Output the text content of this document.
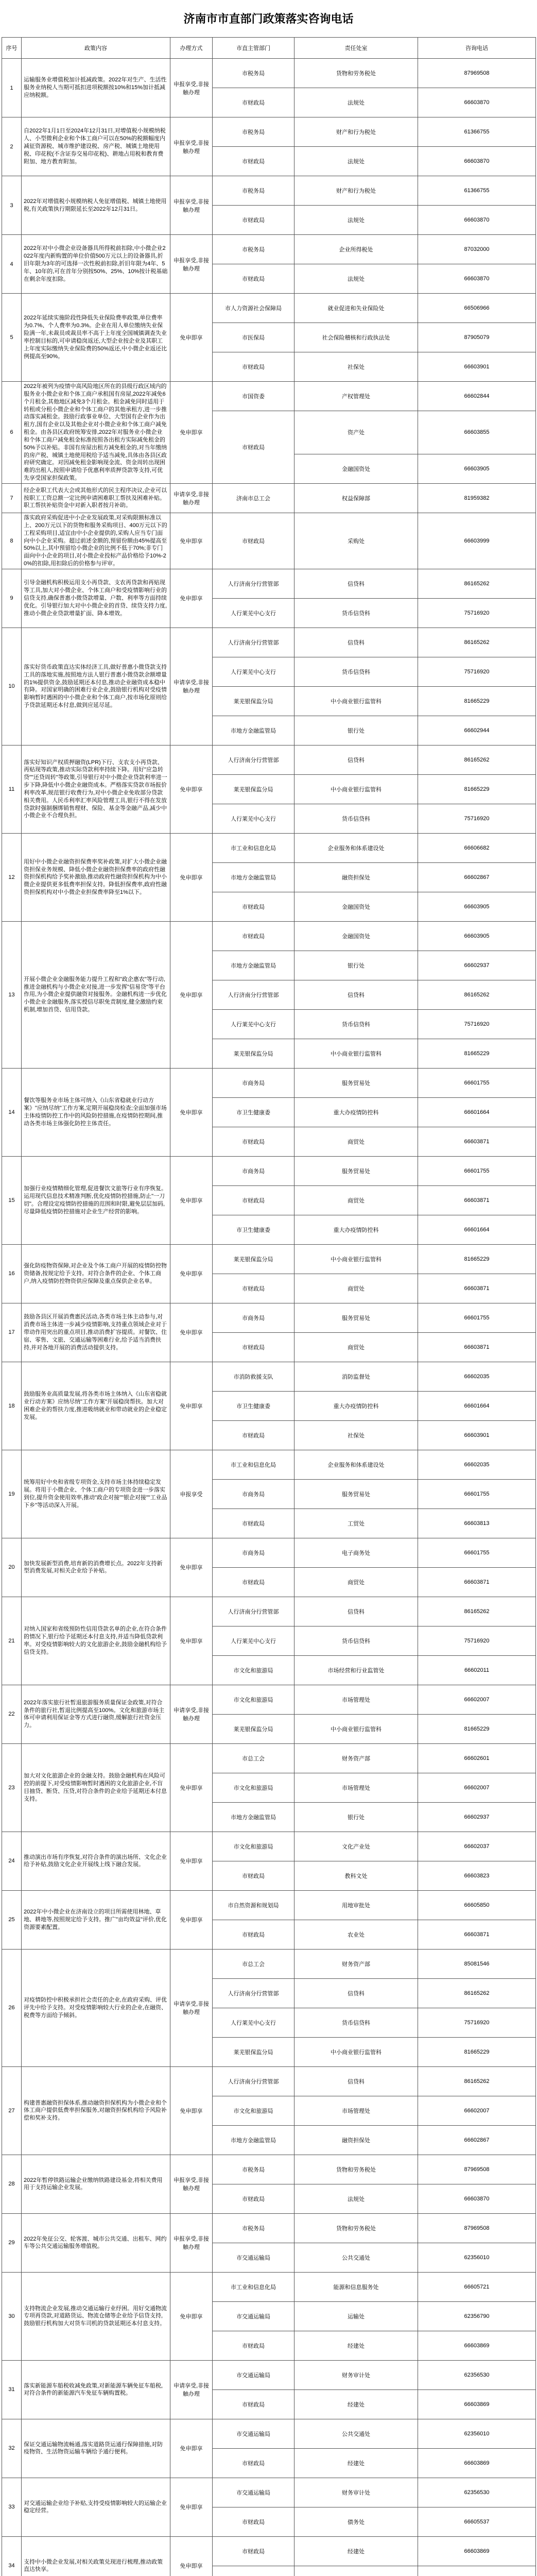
济南市市直部门政策落实咨询电话
序号	政策内容	办理方式	市直主管部门	责任处室	咨询电话
1	运输服务业增值税加计抵减政策。2022年对生产、生活性服务业纳税人当期可抵扣进项税额按10%和15%加计抵减应纳税额。	申报享受,非接触办理	市税务局	货物和劳务税处	87969508
			市财政局	法规处	66603870
2	自2022年1月1日至2024年12月31日,对增值税小规模纳税人、小型微利企业和个体工商户可以在50%的税额幅度内减征资源税、城市维护建设税、房产税、城镇土地使用税、印花税(不含证券交易印花税)、耕地占用税和教育费附加、地方教育附加。	申报享受,非接触办理	市税务局	财产和行为税处	61366755
			市财政局	法规处	66603870
3	2022年对增值税小规模纳税人免征增值税、城镇土地使用税,有关政策执行期限延长至2022年12月31日。	申报享受,非接触办理	市税务局	财产和行为税处	61366755
			市财政局	法规处	66603870
4	2022年对中小微企业设备器具所得税前扣除,中小微企业2022年度内新购置的单位价值500万元以上的设备器具,折旧年限为3年的可选择一次性税前扣除,折旧年限为4年、5年、10年的,可在首年分别按50%、25%、10%按计税基础在剩余年度扣除。	申报享受,非接触办理	市税务局	企业所得税处	87032000
			市财政局	法规处	66603870
5	2022年延续实施阶段性降低失业保险费率政策,单位费率为0.7%、个人费率为0.3%。企业在用人单位缴纳失业保险满一年,未裁员或裁员率不高于上年度全国城镇调查失业率控制目标的,可申请稳岗返还,大型企业按企业及其职工上年度实际缴纳失业保险费的50%返还,中小微企业返还比例提高至90%。	免申即享	市人力资源社会保障局	就业促进和失业保险处	66506966
			市医保局	社会保险稽核和行政执法处	87905079
			市财政局	社保处	66603901
6	2022年被列为疫情中高风险地区所在的县级行政区域内的服务业小微企业和个体工商户承租国有房屋,2022年减免6个月租金,其他地区减免3个月租金。租金减免同时适用于转租或分租小微企业和个体工商户的其他承租方,进一步推动落实减租金。鼓励行政事业单位、大型国有企业作为出租方,国有企业以及其他企业对小微企业和个体工商户减免租金。由各县区政府统筹安排,2022年对服务业小微企业和个体工商户减免租金标准按照各出租方实际减免租金的50%予以补贴。非国有房屋出租方减免租金的,对当年缴纳的房产税、城镇土地使用税给予适当减免,具体由各县区政府研究确定。对因减免租金影响现金流、资金周转出现困难的出租人,按照申请给予优惠利率质押贷款等支持,可优先享受国家担保政策。	免申即享	市国资委	产权管理处	66602844
			市财政局	资产处	66603855
				金融国资处	66603905
7	经企业职工代表大会或其他形式的民主程序决议,企业可以按职工工资总额一定比例申请困难职工帮扶及困难补贴。职工帮扶补贴资金中对新入职者按月补助。	申请享受,非接触办理	济南市总工会	权益保障部	81959382
8	落实政府采购促进中小企业发展政策,对采购限额标准以上、200万元以下的货物和服务采购项目、400万元以下的工程采购项目,适宜由中小企业提供的,采购人应当专门面向中小企业采购。超过前述金额的,预留份额由45%提高至50%以上,其中预留给小微企业的比例不低于70%;非专门面向中小企业的项目,对小微企业投标产品价格给予10%-20%的扣除,用扣除后的价格参与评审。	免申即享	市财政局	采购处	66603999
9	引导金融机构积极运用支小再贷款、支农再贷款和再贴现等工具,加大对小微企业、个体工商户和受疫情影响行业的信贷支持,确保普惠小微贷款增量、户数、利率等方面持续优化。引导银行加大对中小微企业的首贷、续贷支持力度,推动小微企业贷款增量扩面、降本增效。	免申即享	人行济南分行营管部	信贷科	86165262
			人行莱芜中心支行	货币信贷科	75716920
10	落实好货币政策直达实体经济工具,做好普惠小微贷款支持工具的落地实施,按照地方法人银行普惠小微贷款余额增量的1%提供资金,鼓励延期还本付息,推动企业融资成本稳中有降。对国家明确的困难行业企业,鼓励银行机构对受疫情影响暂时遇困的中小微企业和个体工商户,按市场化原则给予贷款延期还本付息,做到应延尽延。	申请享受,非接触办理	人行济南分行营管部	信贷科	86165262
			人行莱芜中心支行	货币信贷科	75716920
			莱芜银保监分局	中小商业银行监管科	81665229
			市地方金融监管局	银行处	66602944
11	落实好知识产权质押融资(LPR)下行、支农支小再贷款、再贴现等政策,推动实际贷款利率持续下降。用好"应急转贷""还贷周转"等政策,引导银行对中小微企业贷款利率进一步下降,降低中小微企业融资成本。严格落实贷款市场报价利率改革,规范银行收费行为,对中小微企业免收部分贷款相关费用。人民币利率汇率风险管理工具,银行不得在发放贷款时强制捆绑销售理财、保险、基金等金融产品,减少中小微企业不合理负担。	免申即享	人行济南分行营管部	信贷科	86165262
			莱芜银保监分局	中小商业银行监管科	81665229
			人行莱芜中心支行	货币信贷科	75716920
12	用好中小微企业融资担保费率奖补政策,对扩大小微企业融资担保业务规模、降低小微企业融资担保费率的政府性融资担保机构给予奖补激励,推动政府性融资担保机构为中小微企业提供更多低费率担保支持。降低担保费率,政府性融资担保机构对中小微企业担保费率降至1%以下。	免申即享	市工业和信息化局	企业服务和体系建设处	66606682
			市地方金融监管局	融资担保处	66602867
			市财政局	金融国资处	66603905
13	开展小微企业金融服务能力提升工程和"政企惠农"等行动,推进金融机构与小微企业对接,进一步发挥"信易贷"等平台作用,为小微企业提供融资对接服务。金融机构进一步优化小微企业金融服务,落实授信尽职免责制度,健全激励约束机制,增加首贷、信用贷款。	免申即享	市财政局	金融国资处	66603905
			市地方金融监管局	银行处	66602937
			人行济南分行营管部	信贷科	86165262
			人行莱芜中心支行	货币信贷科	75716920
			莱芜银保监分局	中小商业银行监管科	81665229
14	餐饮等服务业市场主体可纳入《山东省稳就业行动方案》"应纳尽纳"工作方案,定期开展稳岗检查;全面加强市场主体疫情防控工作中的风险防控措施,在疫情防控期间,推动各类市场主体强化防控主体责任。	免申即享	市商务局	服务贸易处	66601755
			市卫生健康委	重大办疫情防控科	66601664
			市财政局	商贸处	66603871
15	加强行业疫情精细化管理,促进餐饮文旅等行业有序恢复。运用现代信息技术精准判断,优化疫情防控措施,防止"一刀切"。合理设定疫情防控措施的范围和时限,避免层层加码,尽量降低疫情防控措施对企业生产经营的影响。	免申即享	市商务局	服务贸易处	66601755
			市财政局	商贸处	66603871
			市卫生健康委	重大办疫情防控科	66601664
16	强化防疫物资保障,对企业及个体工商户开展的疫情防控物资储备,按规定给予支持。对符合条件的企业、个体工商户,纳入疫情防控物资供应保障及重点保供企业名单。	免申即享	莱芜银保监分局	中小商业银行监管科	81665229
			市财政局	商贸处	66603871
17	鼓励各县区开展消费惠民活动,各类市场主体主动参与,对消费市场主体进一步减少疫情影响,支持重点领域企业对于带动作用突出的重点项目,推动消费扩容提质。对餐饮、住宿、零售、文旅、交通运输等困难行业,给予适当消费扶持,并对各地开展的消费活动提供支持。	免申即享	市商务局	服务贸易处	66601755
			市财政局	商贸处	66603871
18	鼓励服务业高质量发展,将各类市场主体纳入《山东省稳就业行动方案》应纳尽纳"工作方案"开展稳岗帮扶。加大对困难企业的帮扶力度,推进吸纳就业和带动就业的企业稳定发展。	免申即享	市消防救援支队	消防监督处	66602035
			市卫生健康委	重大办疫情防控科	66601664
			市财政局	社保处	66603901
19	统筹用好中央和省级专项资金,支持市场主体持续稳定发展。将用于小微企业、个体工商户的专项资金进一步落实到位,提升资金使用效率,推动"政企对接""银企对接""工业品下乡"等活动深入开展。	申报享受	市工业和信息化局	企业服务和体系建设处	66602035
			市商务局	服务贸易处	66601755
			市财政局	工贸处	66603813
20	加快发展新型消费,培育新的消费增长点。2022年支持新型消费发展,对相关企业给予补贴。	免申即享	市商务局	电子商务处	66601755
			市财政局	商贸处	66603871
21	对纳入国家和省级预防性信用贷款名单的企业,在符合条件的情况下,银行给予延期还本付息支持,并适当降低贷款利率。对受疫情影响较大的文化旅游企业,鼓励金融机构给予信贷支持。	免申即享	人行济南分行营管部	信贷科	86165262
			人行莱芜中心支行	货币信贷科	75716920
			市文化和旅游局	市场经营和行业监管处	66602011
22	2022年落实旅行社暂退旅游服务质量保证金政策,对符合条件的旅行社,暂退比例提高至100%。文化和旅游市场主体可申请利用保证金等方式进行融资,缓解旅行社资金压力。	申请享受,非接触办理	市文化和旅游局	市场管理处	66602007
			莱芜银保监分局	中小商业银行监管科	81665229
23	加大对文化旅游企业的金融支持。鼓励金融机构在风险可控的前提下,对受疫情影响暂时遇困的文化旅游企业,不盲目抽贷、断贷、压贷,对符合条件的企业给予延期还本付息支持。	免申即享	市总工会	财务资产部	66602601
			市文化和旅游局	市场管理处	66602007
			市地方金融监管局	银行处	66602937
24	推动演出市场有序恢复,对符合条件的演出场所、文化企业给予补贴,鼓励文化企业开展线上线下融合发展。	免申即享	市文化和旅游局	文化产业处	66602037
			市财政局	教科文处	66603823
25	2022年中小微企业在济南设立的项目所需使用林地、草地、耕地等,按照规定给予支持。推广"亩均效益"评价,优化资源要素配置。	免申即享	市自然资源和规划局	用地审批处	66605850
			市财政局	农业处	66603871
26	对疫情防控中积极承担社会责任的企业,在政府采购、评优评先中给予支持。对受疫情影响较大行业的企业,在融资、税费等方面给予倾斜。	申请享受,非接触办理	市总工会	财务资产部	85081546
			人行济南分行营管部	信贷科	86165262
			人行莱芜中心支行	货币信贷科	75716920
			莱芜银保监分局	中小商业银行监管科	81665229
27	构建普惠融资担保体系,推动融资担保机构为小微企业和个体工商户提供低费率担保服务,对融资担保机构给予风险补偿和奖补支持。	免申即享	人行济南分行营管部	信贷科	86165262
			市文化和旅游局	市场管理处	66602007
			市地方金融监管局	融资担保处	66602867
28	2022年暂停铁路运输企业缴纳铁路建设基金,将相关费用用于支持运输企业发展。	申报享受,非接触办理	市税务局	货物和劳务税处	87969508
			市财政局	法规处	66603870
29	2022年免征公交、轮客渡、城市公共交通、出租车、网约车等公共交通运输服务增值税。	申报享受,非接触办理	市税务局	货物和劳务税处	87969508
			市交通运输局	公共交通处	62356010
30	支持物流企业发展,推动交通运输行业纾困。用好交通物流专项再贷款,对道路货运、物流仓储等企业给予信贷支持,鼓励银行机构加大对货车司机的贷款延期还本付息支持。	免申即享	市工业和信息化局	能源和信息服务处	66605721
			市交通运输局	运输处	62356790
			市财政局	经建处	66603869
31	落实新能源车船税收减免政策,对新能源车辆免征车船税,对符合条件的新能源汽车免征车辆购置税。	申请享受,非接触办理	市交通运输局	财务审计处	62356530
			市财政局	经建处	66603869
32	保证交通运输物流畅通,落实道路货运通行保障措施,对防疫物资、生活物资运输车辆给予通行便利。	免申即享	市交通运输局	公共交通处	62356010
			市财政局	经建处	66603869
33	对交通运输企业给予补贴,支持受疫情影响较大的运输企业稳定经营。	免申即享	市交通运输局	财务审计处	62356530
			市财政局	债务处	66605537
34	支持中小微企业发展,对相关政策兑现进行梳理,推动政策直达快享。	免申即享	市财政局	经建处	66603869
